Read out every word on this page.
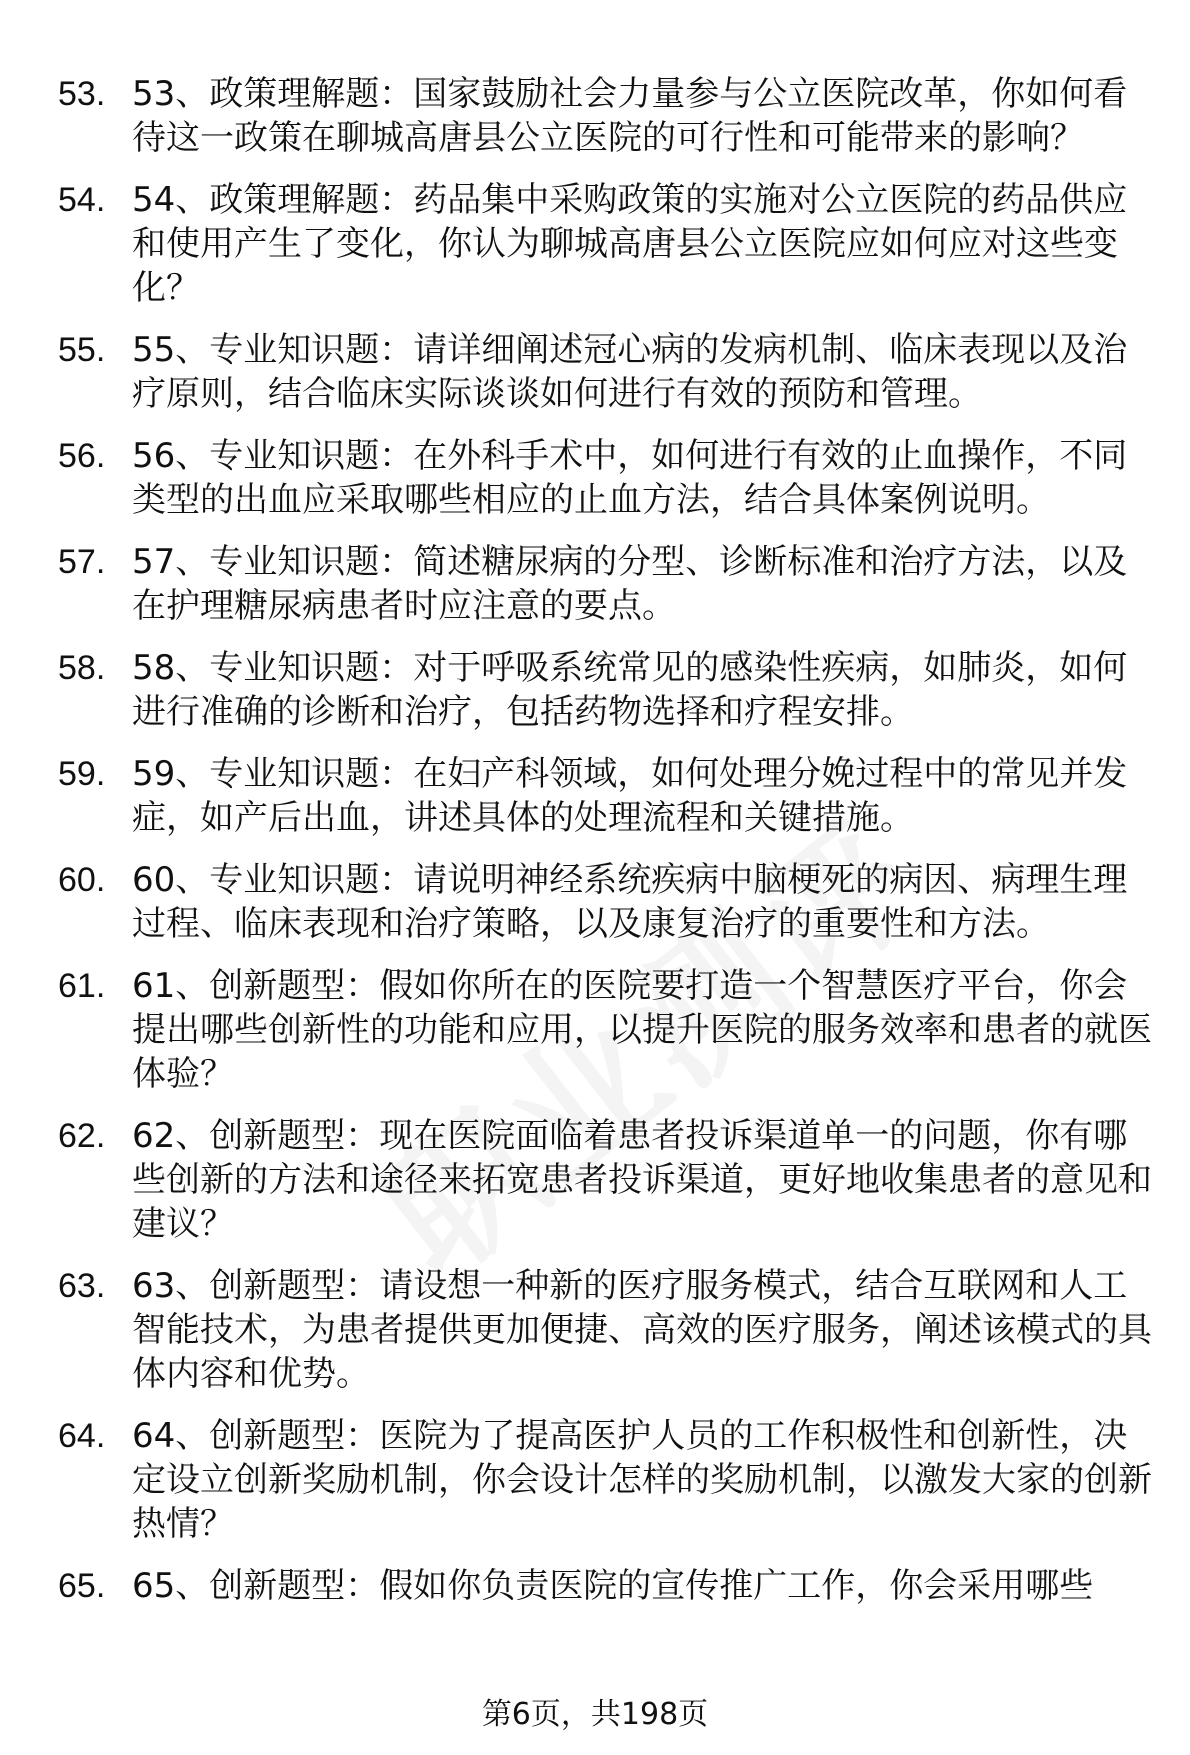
53. 53、政策理解题：国家鼓励社会力量参与公立医院改革，你如何看待这一政策在聊城高唐县公立医院的可行性和可能带来的影响？
54. 54、政策理解题：药品集中采购政策的实施对公立医院的药品供应和使用产生了变化，你认为聊城高唐县公立医院应如何应对这些变化？
55. 55、专业知识题：请详细阐述冠心病的发病机制、临床表现以及治疗原则，结合临床实际谈谈如何进行有效的预防和管理。
56. 56、专业知识题：在外科手术中，如何进行有效的止血操作，不同类型的出血应采取哪些相应的止血方法，结合具体案例说明。
57. 57、专业知识题：简述糖尿病的分型、诊断标准和治疗方法，以及在护理糖尿病患者时应注意的要点。
58. 58、专业知识题：对于呼吸系统常见的感染性疾病，如肺炎，如何进行准确的诊断和治疗，包括药物选择和疗程安排。
59. 59、专业知识题：在妇产科领域，如何处理分娩过程中的常见并发症，如产后出血，讲述具体的处理流程和关键措施。
60. 60、专业知识题：请说明神经系统疾病中脑梗死的病因、病理生理过程、临床表现和治疗策略，以及康复治疗的重要性和方法。
61. 61、创新题型：假如你所在的医院要打造一个智慧医疗平台，你会提出哪些创新性的功能和应用，以提升医院的服务效率和患者的就医体验？
62. 62、创新题型：现在医院面临着患者投诉渠道单一的问题，你有哪些创新的方法和途径来拓宽患者投诉渠道，更好地收集患者的意见和建议？
63. 63、创新题型：请设想一种新的医疗服务模式，结合互联网和人工智能技术，为患者提供更加便捷、高效的医疗服务，阐述该模式的具体内容和优势。
64. 64、创新题型：医院为了提高医护人员的工作积极性和创新性，决定设立创新奖励机制，你会设计怎样的奖励机制，以激发大家的创新热情？
65. 65、创新题型：假如你负责医院的宣传推广工作，你会采用哪些
第6页，共198页
